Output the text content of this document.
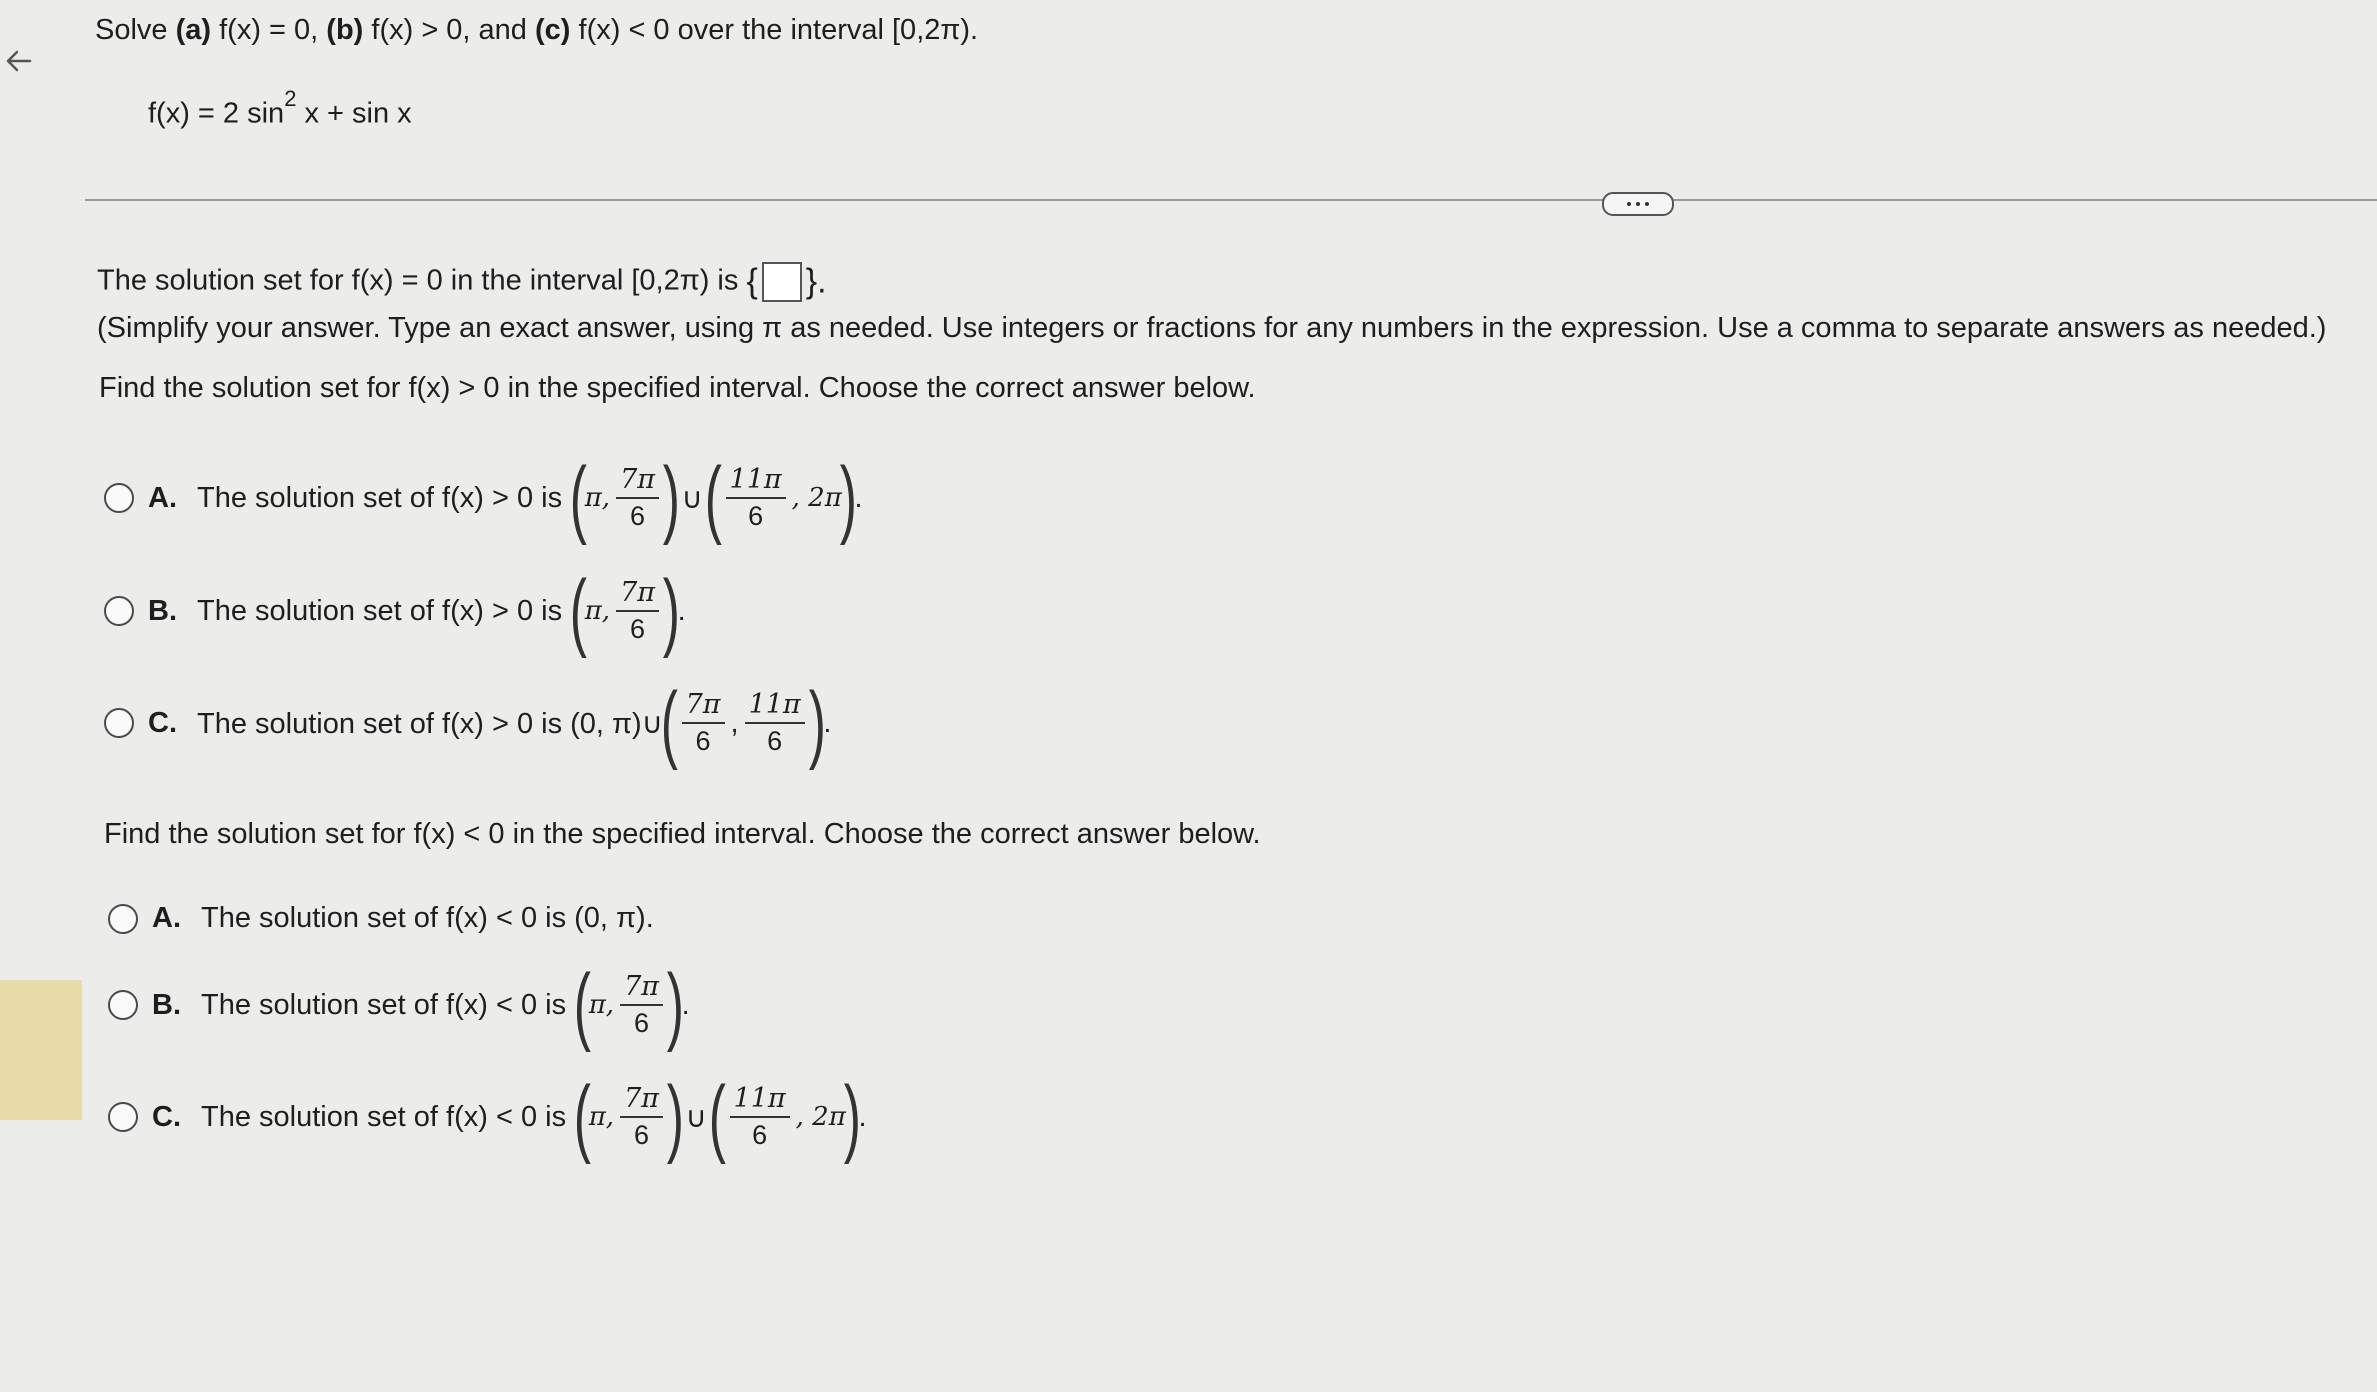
Solve (a) f(x) = 0, (b) f(x) > 0, and (c) f(x) < 0 over the interval [0,2π).
f(x) = 2 $\sin^2 x + \sin x$
The solution set for f(x) = 0 in the interval [0,2π) is { }.
(Simplify your answer. Type an exact answer, using π as needed. Use integers or fractions for any numbers in the expression. Use a comma to separate answers as needed.)
Find the solution set for f(x) > 0 in the specified interval. Choose the correct answer below.
A. The solution set of f(x) > 0 is (
π, $\frac{7\pi}{6}$ ) ∪ ( $\frac{11\pi}{6}$ , 2π
)
.
B. The solution set of f(x) > 0 is (
π, $\frac{7\pi}{6}$ )
.
C. The solution set of f(x) > 0 is (0, π)∪
( $\frac{7\pi}{6}$ , $\frac{11\pi}{6}$ )
.
Find the solution set for f(x) < 0 in the specified interval. Choose the correct answer below.
A. The solution set of f(x) < 0 is (0, π).
B. The solution set of f(x) < 0 is (
π, $\frac{7\pi}{6}$ )
.
C. The solution set of f(x) < 0 is (
π, $\frac{7\pi}{6}$ ) ∪ ( $\frac{11\pi}{6}$ , 2π
)
.
